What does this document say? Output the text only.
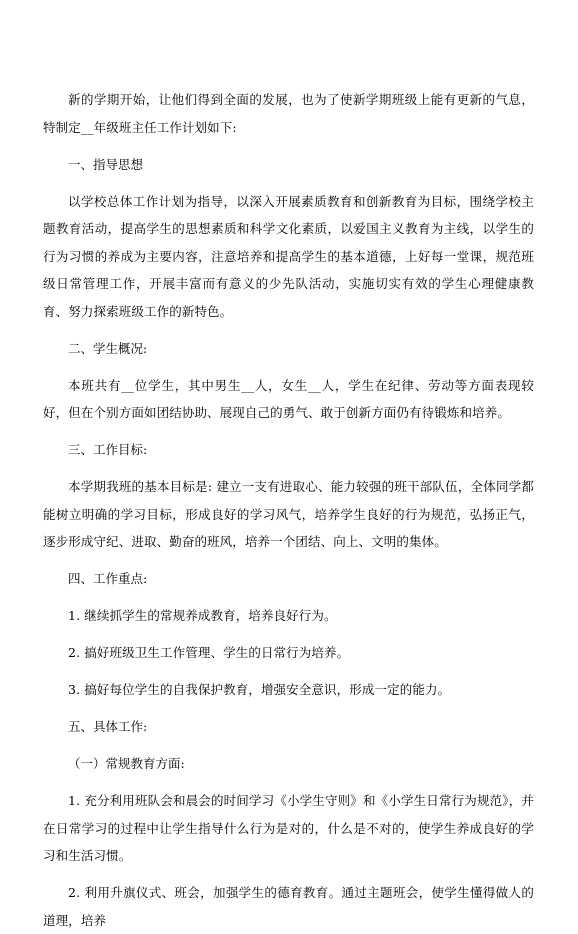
新的学期开始，让他们得到全面的发展，也为了使新学期班级上能有更新的气息，特制定__年级班主任工作计划如下:

一、指导思想

以学校总体工作计划为指导，以深入开展素质教育和创新教育为目标，围绕学校主题教育活动，提高学生的思想素质和科学文化素质，以爱国主义教育为主线，以学生的行为习惯的养成为主要内容，注意培养和提高学生的基本道德，上好每一堂课，规范班级日常管理工作，开展丰富而有意义的少先队活动，实施切实有效的学生心理健康教育、努力探索班级工作的新特色。

二、学生概况:

本班共有__位学生，其中男生__人，女生__人，学生在纪律、劳动等方面表现较好，但在个别方面如团结协助、展现自己的勇气、敢于创新方面仍有待锻炼和培养。

三、工作目标:

本学期我班的基本目标是: 建立一支有进取心、能力较强的班干部队伍，全体同学都能树立明确的学习目标，形成良好的学习风气，培养学生良好的行为规范，弘扬正气，逐步形成守纪、进取、勤奋的班风，培养一个团结、向上、文明的集体。

四、工作重点:

1. 继续抓学生的常规养成教育，培养良好行为。

2. 搞好班级卫生工作管理、学生的日常行为培养。

3. 搞好每位学生的自我保护教育，增强安全意识，形成一定的能力。

五、具体工作:

（一）常规教育方面:

1. 充分利用班队会和晨会的时间学习《小学生守则》和《小学生日常行为规范》，并在日常学习的过程中让学生指导什么行为是对的，什么是不对的，使学生养成良好的学习和生活习惯。

2. 利用升旗仪式、班会，加强学生的德育教育。通过主题班会，使学生懂得做人的道理，培养
